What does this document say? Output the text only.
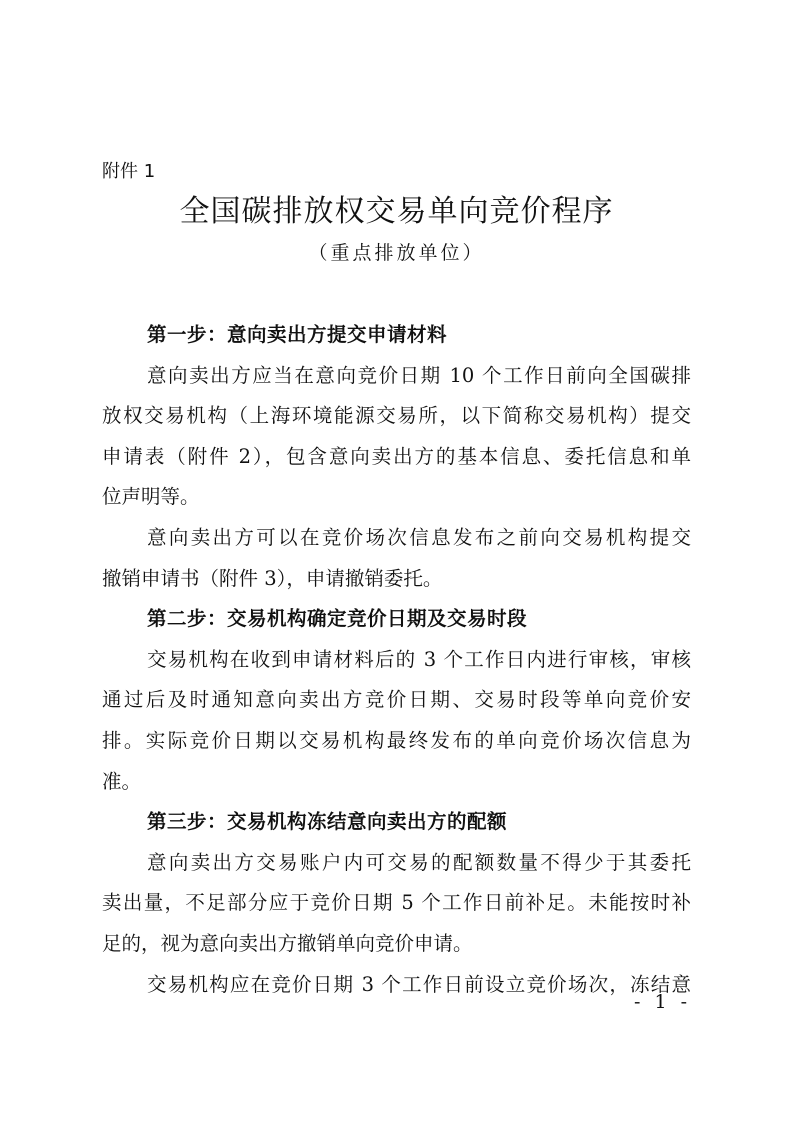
附件 1
全国碳排放权交易单向竞价程序
（重点排放单位）
第一步：意向卖出方提交申请材料
意向卖出方应当在意向竞价日期 10 个工作日前向全国碳排
放权交易机构（上海环境能源交易所，以下简称交易机构）提交
申请表（附件 2），包含意向卖出方的基本信息、委托信息和单
位声明等。
意向卖出方可以在竞价场次信息发布之前向交易机构提交
撤销申请书（附件 3），申请撤销委托。
第二步：交易机构确定竞价日期及交易时段
交易机构在收到申请材料后的 3 个工作日内进行审核，审核
通过后及时通知意向卖出方竞价日期、交易时段等单向竞价安
排。实际竞价日期以交易机构最终发布的单向竞价场次信息为
准。
第三步：交易机构冻结意向卖出方的配额
意向卖出方交易账户内可交易的配额数量不得少于其委托
卖出量，不足部分应于竞价日期 5 个工作日前补足。未能按时补
足的，视为意向卖出方撤销单向竞价申请。
交易机构应在竞价日期 3 个工作日前设立竞价场次，冻结意
- 1 -
